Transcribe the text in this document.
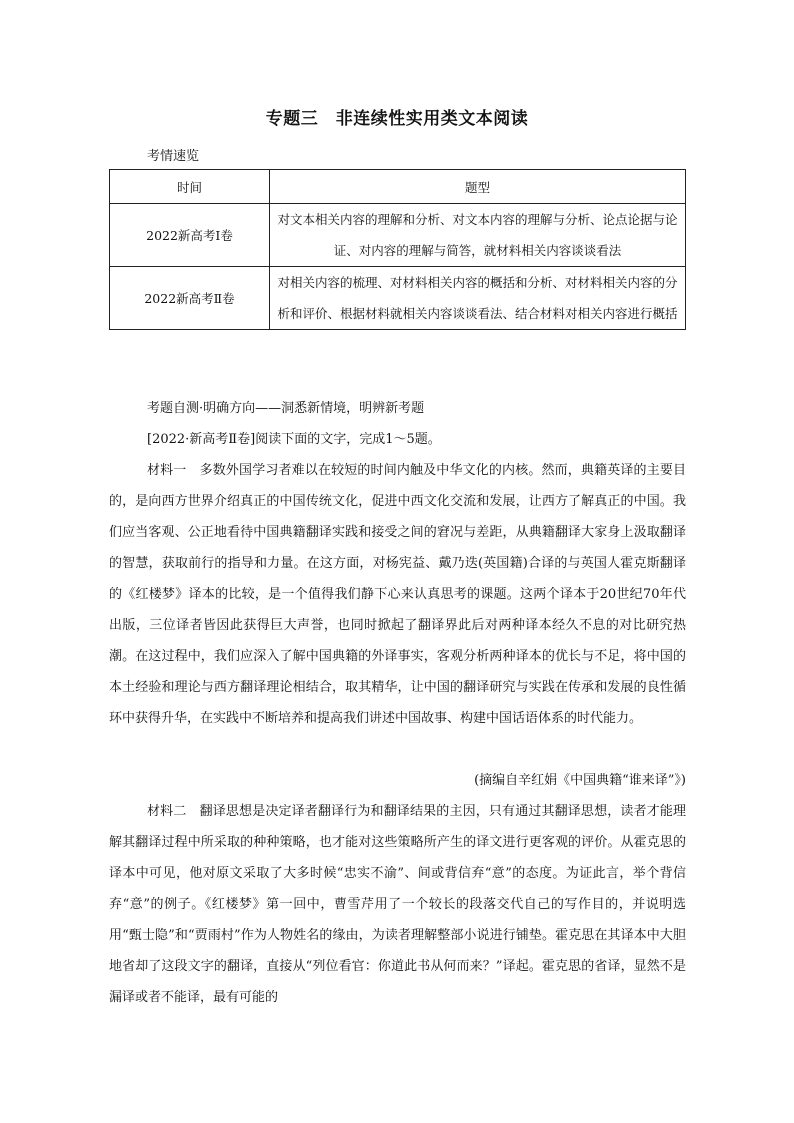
专题三　非连续性实用类文本阅读
考情速览
时间	题型
2022新高考Ⅰ卷	对文本相关内容的理解和分析、对文本内容的理解与分析、论点论据与论证、对内容的理解与简答，就材料相关内容谈谈看法
2022新高考Ⅱ卷	对相关内容的梳理、对材料相关内容的概括和分析、对材料相关内容的分析和评价、根据材料就相关内容谈谈看法、结合材料对相关内容进行概括

考题自测·明确方向——洞悉新情境，明辨新考题

[2022·新高考Ⅱ卷]阅读下面的文字，完成1～5题。

材料一　多数外国学习者难以在较短的时间内触及中华文化的内核。然而，典籍英译的主要目的，是向西方世界介绍真正的中国传统文化，促进中西文化交流和发展，让西方了解真正的中国。我们应当客观、公正地看待中国典籍翻译实践和接受之间的窘况与差距，从典籍翻译大家身上汲取翻译的智慧，获取前行的指导和力量。在这方面，对杨宪益、戴乃迭(英国籍)合译的与英国人霍克斯翻译的《红楼梦》译本的比较，是一个值得我们静下心来认真思考的课题。这两个译本于20世纪70年代出版，三位译者皆因此获得巨大声誉，也同时掀起了翻译界此后对两种译本经久不息的对比研究热潮。在这过程中，我们应深入了解中国典籍的外译事实，客观分析两种译本的优长与不足，将中国的本土经验和理论与西方翻译理论相结合，取其精华，让中国的翻译研究与实践在传承和发展的良性循环中获得升华，在实践中不断培养和提高我们讲述中国故事、构建中国话语体系的时代能力。

(摘编自辛红娟《中国典籍“谁来译”》)

材料二　翻译思想是决定译者翻译行为和翻译结果的主因，只有通过其翻译思想，读者才能理解其翻译过程中所采取的种种策略，也才能对这些策略所产生的译文进行更客观的评价。从霍克思的译本中可见，他对原文采取了大多时候“忠实不渝”、间或背信弃“意”的态度。为证此言，举个背信弃“意”的例子。《红楼梦》第一回中，曹雪芹用了一个较长的段落交代自己的写作目的，并说明选用“甄士隐”和“贾雨村”作为人物姓名的缘由，为读者理解整部小说进行铺垫。霍克思在其译本中大胆地省却了这段文字的翻译，直接从“列位看官：你道此书从何而来？”译起。霍克思的省译，显然不是漏译或者不能译，最有可能的
